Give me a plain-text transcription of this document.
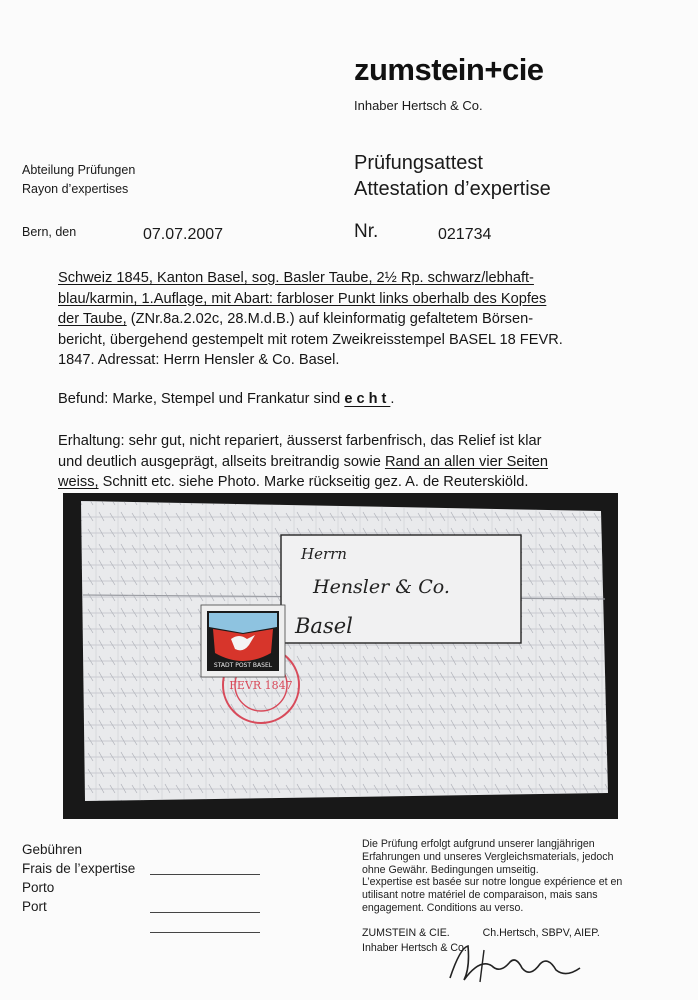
zumstein+cie
Inhaber Hertsch & Co.
Abteilung Prüfungen
Rayon d’expertises
Prüfungsattest
Attestation d’expertise
Bern, den	07.07.2007	Nr.	021734

Schweiz 1845, Kanton Basel, sog. Basler Taube, 2½ Rp. schwarz/lebhaft-

blau/karmin, 1.Auflage, mit Abart: farbloser Punkt links oberhalb des Kopfes

der Taube, (ZNr.8a.2.02c, 28.M.d.B.) auf kleinformatig gefaltetem Börsen-

bericht, übergehend gestempelt mit rotem Zweikreisstempel BASEL 18 FEVR.

1847. Adressat: Herrn Hensler & Co. Basel.

Befund: Marke, Stempel und Frankatur sind echt.

Erhaltung: sehr gut, nicht repariert, äusserst farbenfrisch, das Relief ist klar

und deutlich ausgeprägt, allseits breitrandig sowie Rand an allen vier Seiten

weiss, Schnitt etc. siehe Photo. Marke rückseitig gez. A. de Reuterskiöld.

Herrn
Hensler & Co.
Basel
FEVR 1847
STADT POST BASEL
Gebühren
Frais de l’expertise
Porto
Port
Die Prüfung erfolgt aufgrund unserer langjährigen
Erfahrungen und unseres Vergleichsmaterials, jedoch
ohne Gewähr. Bedingungen umseitig.
L’expertise est basée sur notre longue expérience et en
utilisant notre matériel de comparaison, mais sans
engagement. Conditions au verso.
ZUMSTEIN & CIE.	Ch.Hertsch, SBPV, AIEP.
Inhaber Hertsch & Co.
